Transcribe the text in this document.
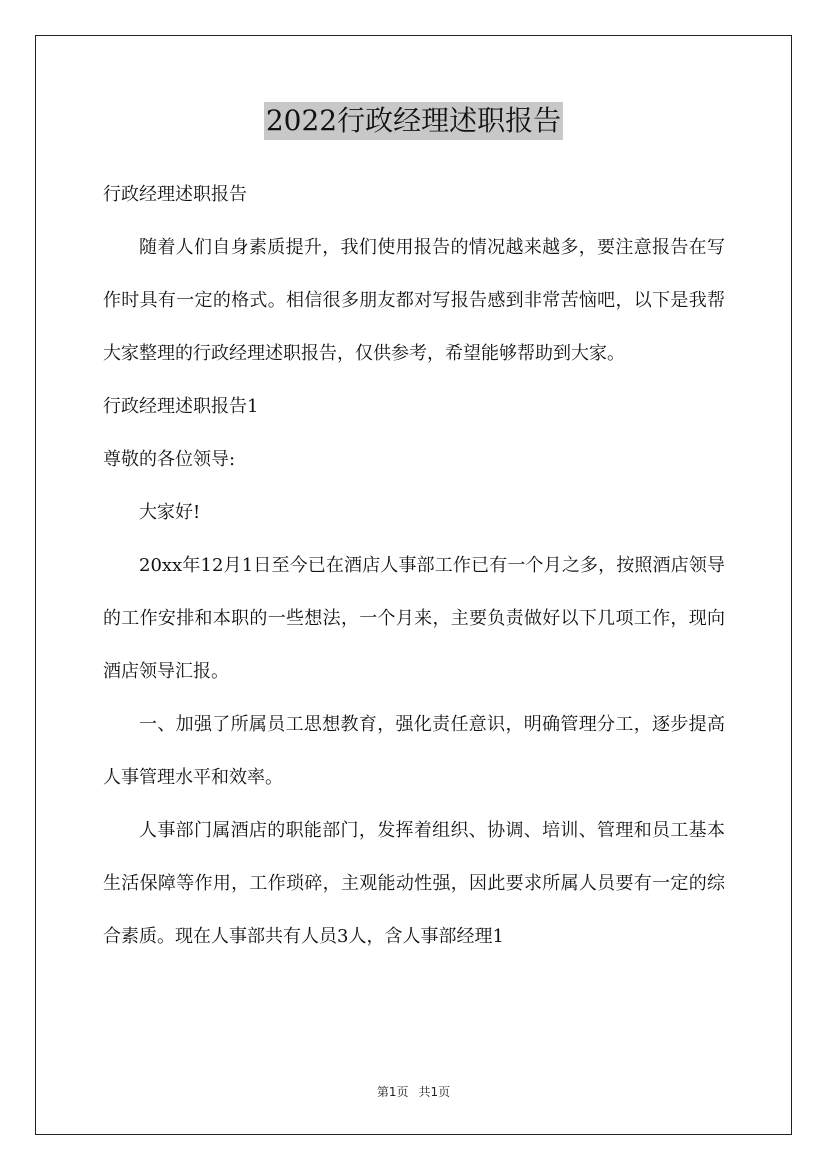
2022行政经理述职报告

行政经理述职报告

随着人们自身素质提升，我们使用报告的情况越来越多，要注意报告在写作时具有一定的格式。相信很多朋友都对写报告感到非常苦恼吧，以下是我帮大家整理的行政经理述职报告，仅供参考，希望能够帮助到大家。

行政经理述职报告1

尊敬的各位领导:

大家好!

20xx年12月1日至今已在酒店人事部工作已有一个月之多，按照酒店领导的工作安排和本职的一些想法，一个月来，主要负责做好以下几项工作，现向酒店领导汇报。

一、加强了所属员工思想教育，强化责任意识，明确管理分工，逐步提高人事管理水平和效率。

人事部门属酒店的职能部门，发挥着组织、协调、培训、管理和员工基本生活保障等作用，工作琐碎，主观能动性强，因此要求所属人员要有一定的综合素质。现在人事部共有人员3人，含人事部经理1

第1页 共1页
